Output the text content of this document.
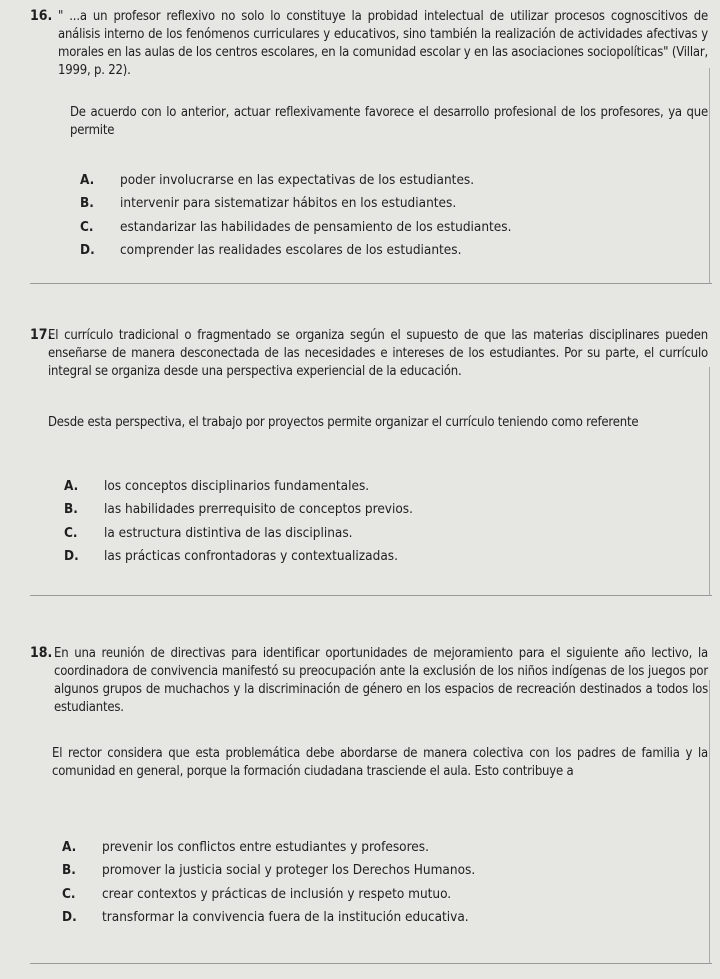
16. " ...a un profesor reflexivo no solo lo constituye la probidad intelectual de utilizar procesos cognoscitivos de análisis interno de los fenómenos curriculares y educativos, sino también la realización de actividades afectivas y morales en las aulas de los centros escolares, en la comunidad escolar y en las asociaciones sociopolíticas" (Villar, 1999, p. 22).
De acuerdo con lo anterior, actuar reflexivamente favorece el desarrollo profesional de los profesores, ya que permite
A.	poder involucrarse en las expectativas de los estudiantes.
B.	intervenir para sistematizar hábitos en los estudiantes.
C.	estandarizar las habilidades de pensamiento de los estudiantes.
D.	comprender las realidades escolares de los estudiantes.
17.
El currículo tradicional o fragmentado se organiza según el supuesto de que las materias disciplinares pueden enseñarse de manera desconectada de las necesidades e intereses de los estudiantes. Por su parte, el currículo integral se organiza desde una perspectiva experiencial de la educación.
Desde esta perspectiva, el trabajo por proyectos permite organizar el currículo teniendo como referente
A.	los conceptos disciplinarios fundamentales.
B.	las habilidades prerrequisito de conceptos previos.
C.	la estructura distintiva de las disciplinas.
D.	las prácticas confrontadoras y contextualizadas.
18. En una reunión de directivas para identificar oportunidades de mejoramiento para el siguiente año lectivo, la coordinadora de convivencia manifestó su preocupación ante la exclusión de los niños indígenas de los juegos por algunos grupos de muchachos y la discriminación de género en los espacios de recreación destinados a todos los estudiantes.
El rector considera que esta problemática debe abordarse de manera colectiva con los padres de familia y la comunidad en general, porque la formación ciudadana trasciende el aula. Esto contribuye a
A.	prevenir los conflictos entre estudiantes y profesores.
B.	promover la justicia social y proteger los Derechos Humanos.
C.	crear contextos y prácticas de inclusión y respeto mutuo.
D.	transformar la convivencia fuera de la institución educativa.
